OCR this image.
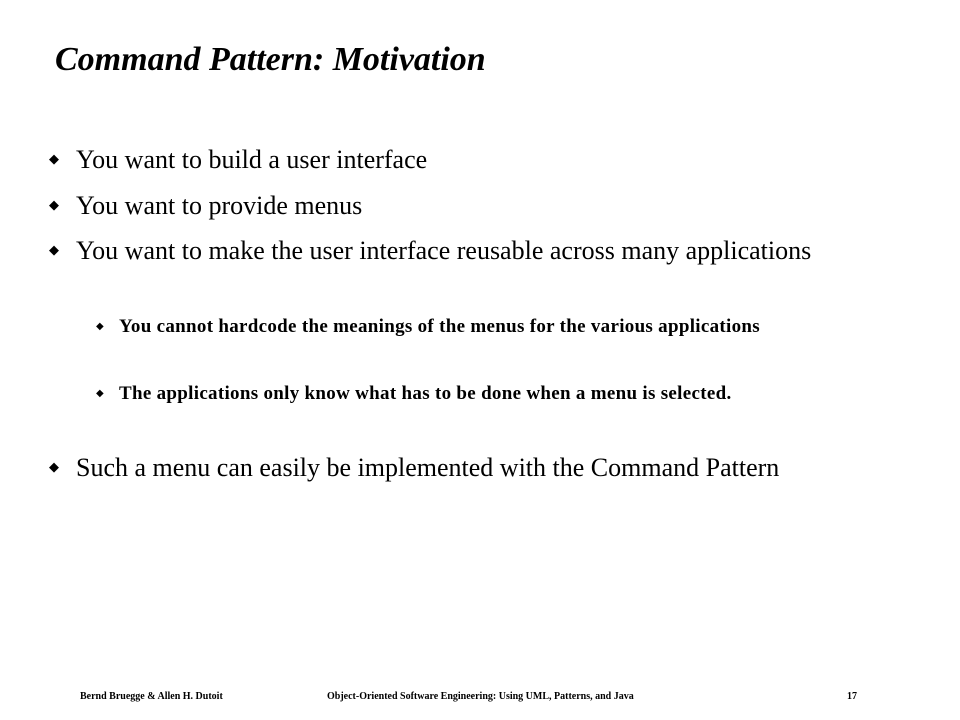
Command Pattern: Motivation
◆ You want to build a user interface
◆ You want to provide menus
◆ You want to make the user interface reusable across many applications
◆ You cannot hardcode the meanings of the menus for the various applications
◆ The applications only know what has to be done when a menu is selected.
◆ Such a menu can easily be implemented with the Command Pattern
Bernd Bruegge & Allen H. Dutoit	Object-Oriented Software Engineering: Using UML, Patterns, and Java	17
